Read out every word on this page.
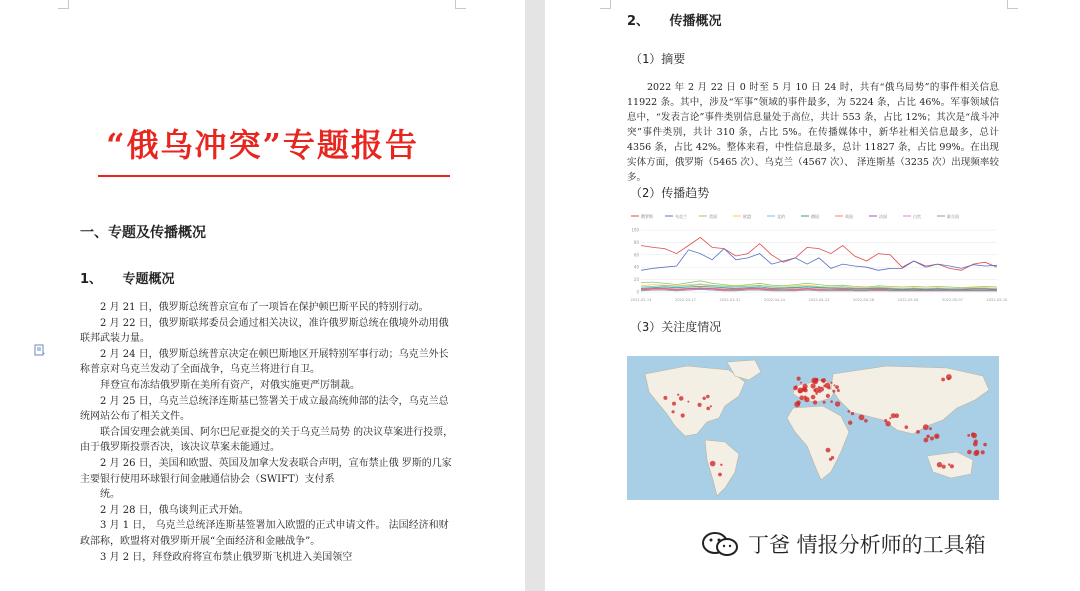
“俄乌冲突”专题报告
一、专题及传播概况
1、 专题概况

2 月 21 日，俄罗斯总统普京宣布了一项旨在保护顿巴斯平民的特别行动。

2 月 22 日，俄罗斯联邦委员会通过相关决议，准许俄罗斯总统在俄境外动用俄联邦武装力量。

2 月 24 日，俄罗斯总统普京决定在顿巴斯地区开展特别军事行动；乌克兰外长称普京对乌克兰发动了全面战争，乌克兰将进行自卫。

拜登宣布冻结俄罗斯在美所有资产，对俄实施更严厉制裁。

2 月 25 日，乌克兰总统泽连斯基已签署关于成立最高统帅部的法令，乌克兰总统网站公布了相关文件。

联合国安理会就美国、阿尔巴尼亚提交的关于乌克兰局势 的决议草案进行投票，由于俄罗斯投票否决，该决议草案未能通过。

2 月 26 日，美国和欧盟、英国及加拿大发表联合声明，宣布禁止俄 罗斯的几家主要银行使用环球银行间金融通信协会（SWIFT）支付系

统。

2 月 28 日，俄乌谈判正式开始。

3 月 1 日， 乌克兰总统泽连斯基签署加入欧盟的正式申请文件。 法国经济和财政部称，欧盟将对俄罗斯开展“全面经济和金融战争”。

3 月 2 日，拜登政府将宣布禁止俄罗斯飞机进入美国领空

2、 传播概况
（1）摘要

2022 年 2 月 22 日 0 时至 5 月 10 日 24 时，共有“俄乌局势”的事件相关信息 11922 条。其中，涉及“军事”领域的事件最多，为 5224 条，占比 46%。军事领域信息中，“发表言论”事件类别信息量处于高位，共计 553 条，占比 12%；其次是“战斗冲突”事件类别，共计 310 条，占比 5%。在传播媒体中，新华社相关信息最多，总计 4356 条，占比 42%。整体来看，中性信息最多，总计 11827 条，占比 99%。在出现实体方面，俄罗斯（5465 次）、乌克兰（4567 次）、 泽连斯基（3235 次）出现频率较多。

（2）传播趋势
俄罗斯	乌克兰	美国	欧盟	北约	德国	英国	法国	白宫	联合国
0
20
40
60
80
100
2022-02-13	2022-03-17	2022-03-31	2022-04-14	2022-04-23	2022-04-28	2022-05-04	2022-05-07	2022-05-10
（3）关注度情况
丁爸 情报分析师的工具箱
